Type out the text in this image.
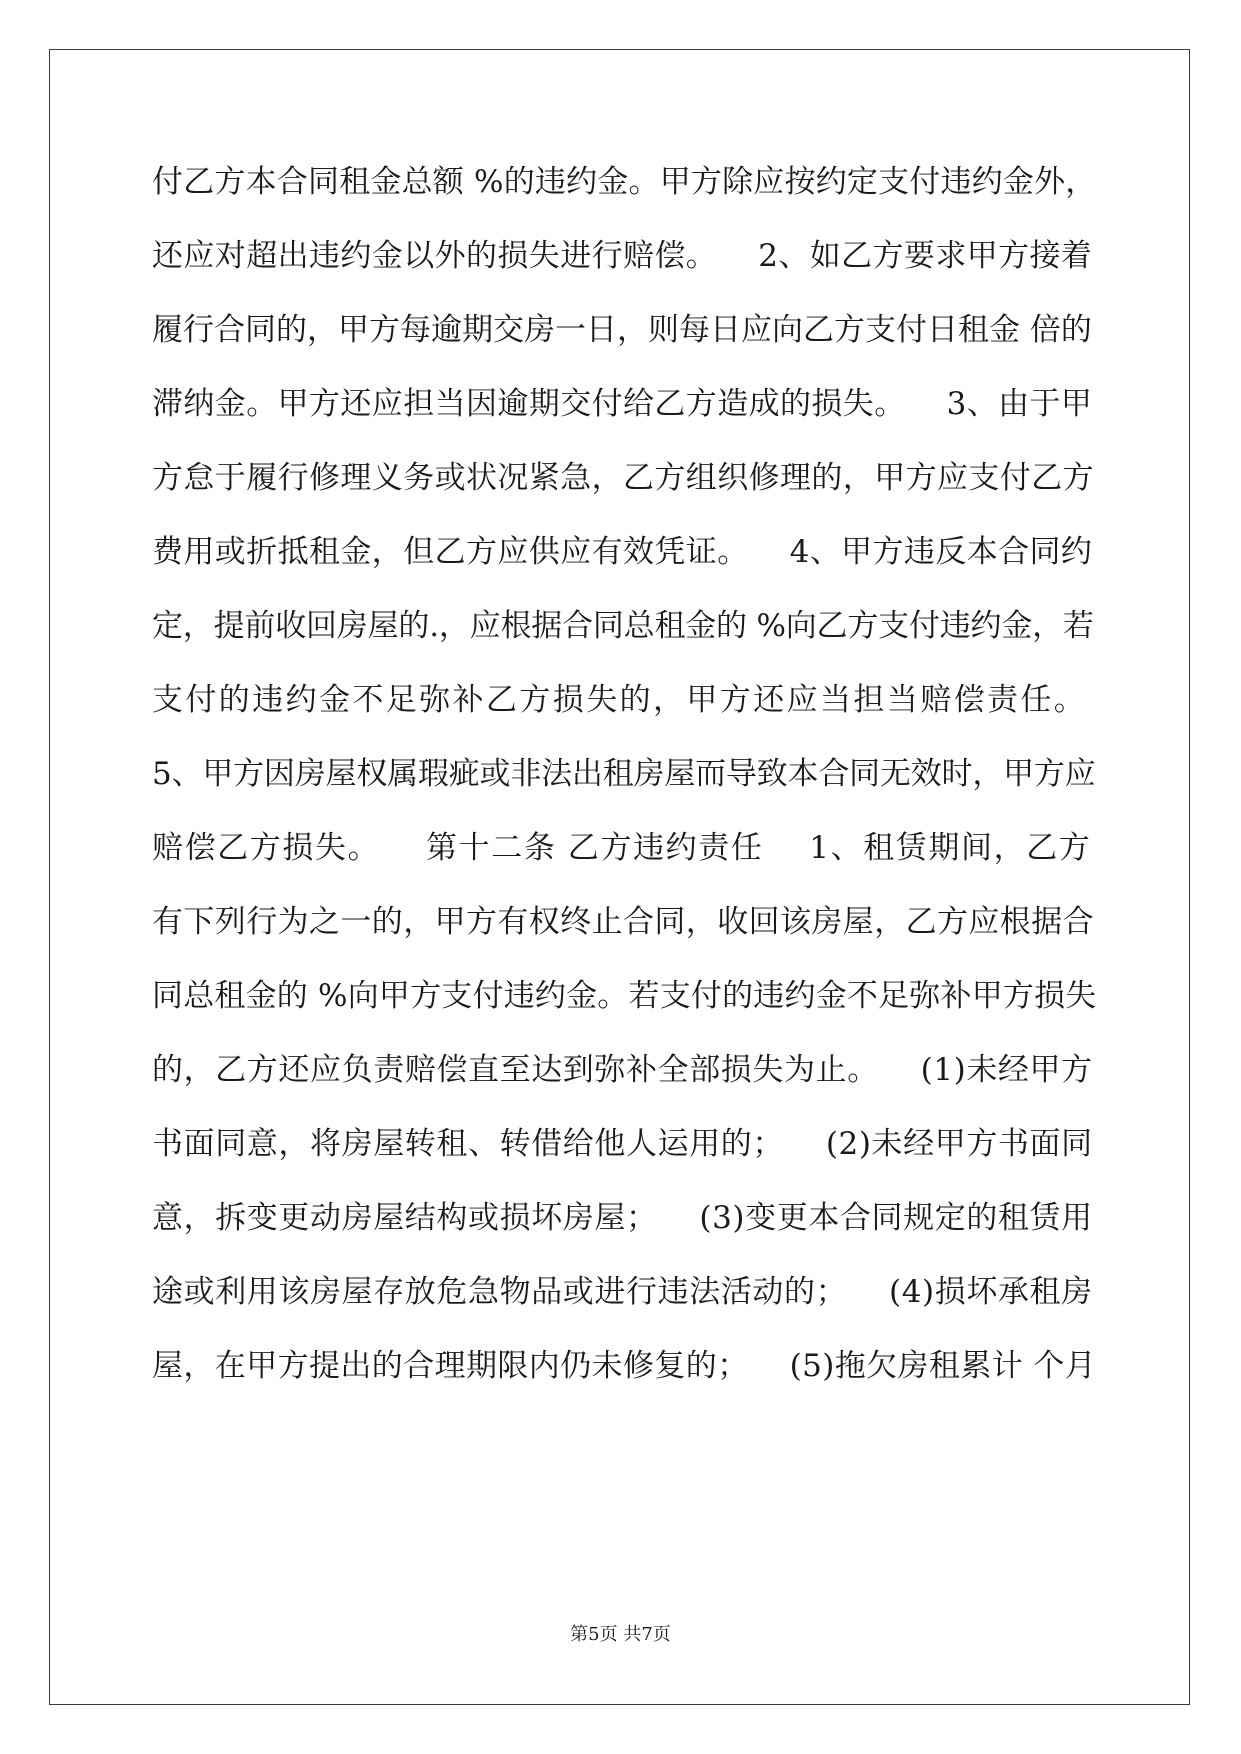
付乙方本合同租金总额 %的违约金。甲方除应按约定支付违约金外，
还应对超出违约金以外的损失进行赔偿。    2、如乙方要求甲方接着
履行合同的，甲方每逾期交房一日，则每日应向乙方支付日租金 倍的
滞纳金。甲方还应担当因逾期交付给乙方造成的损失。    3、由于甲
方怠于履行修理义务或状况紧急，乙方组织修理的，甲方应支付乙方
费用或折抵租金，但乙方应供应有效凭证。    4、甲方违反本合同约
定，提前收回房屋的.，应根据合同总租金的 %向乙方支付违约金，若
支付的违约金不足弥补乙方损失的，甲方还应当担当赔偿责任。
5、甲方因房屋权属瑕疵或非法出租房屋而导致本合同无效时，甲方应
赔偿乙方损失。    第十二条 乙方违约责任    1、租赁期间，乙方
有下列行为之一的，甲方有权终止合同，收回该房屋，乙方应根据合
同总租金的 %向甲方支付违约金。若支付的违约金不足弥补甲方损失
的，乙方还应负责赔偿直至达到弥补全部损失为止。    (1)未经甲方
书面同意，将房屋转租、转借给他人运用的；    (2)未经甲方书面同
意，拆变更动房屋结构或损坏房屋；    (3)变更本合同规定的租赁用
途或利用该房屋存放危急物品或进行违法活动的；    (4)损坏承租房
屋，在甲方提出的合理期限内仍未修复的；    (5)拖欠房租累计 个月
第5页 共7页
